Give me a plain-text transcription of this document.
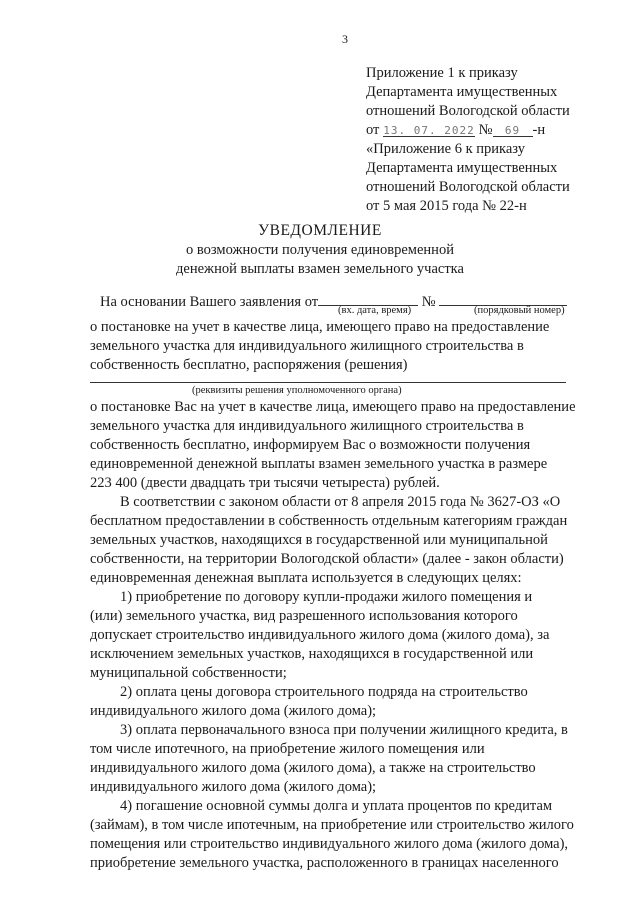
3
Приложение 1 к приказу
Департамента имущественных
отношений Вологодской области
от 13. 07. 2022 № 69 -н
«Приложение 6 к приказу
Департамента имущественных
отношений Вологодской области
от 5 мая 2015 года № 22-н
УВЕДОМЛЕНИЕ
о возможности получения единовременной
денежной выплаты взамен земельного участка
На основании Вашего заявления от	№
(вх. дата, время)	(порядковый номер)
о постановке на учет в качестве лица, имеющего право на предоставление
земельного участка для индивидуального жилищного строительства в
собственность бесплатно, распоряжения (решения)
(реквизиты решения уполномоченного органа)
о постановке Вас на учет в качестве лица, имеющего право на предоставление
земельного участка для индивидуального жилищного строительства в
собственность бесплатно, информируем Вас о возможности получения
единовременной денежной выплаты взамен земельного участка в размере
223 400 (двести двадцать три тысячи четыреста) рублей.
В соответствии с законом области от 8 апреля 2015 года № 3627-ОЗ «О
бесплатном предоставлении в собственность отдельным категориям граждан
земельных участков, находящихся в государственной или муниципальной
собственности, на территории Вологодской области» (далее - закон области)
единовременная денежная выплата используется в следующих целях:
1) приобретение по договору купли-продажи жилого помещения и
(или) земельного участка, вид разрешенного использования которого
допускает строительство индивидуального жилого дома (жилого дома), за
исключением земельных участков, находящихся в государственной или
муниципальной собственности;
2) оплата цены договора строительного подряда на строительство
индивидуального жилого дома (жилого дома);
3) оплата первоначального взноса при получении жилищного кредита, в
том числе ипотечного, на приобретение жилого помещения или
индивидуального жилого дома (жилого дома), а также на строительство
индивидуального жилого дома (жилого дома);
4) погашение основной суммы долга и уплата процентов по кредитам
(займам), в том числе ипотечным, на приобретение или строительство жилого
помещения или строительство индивидуального жилого дома (жилого дома),
приобретение земельного участка, расположенного в границах населенного
